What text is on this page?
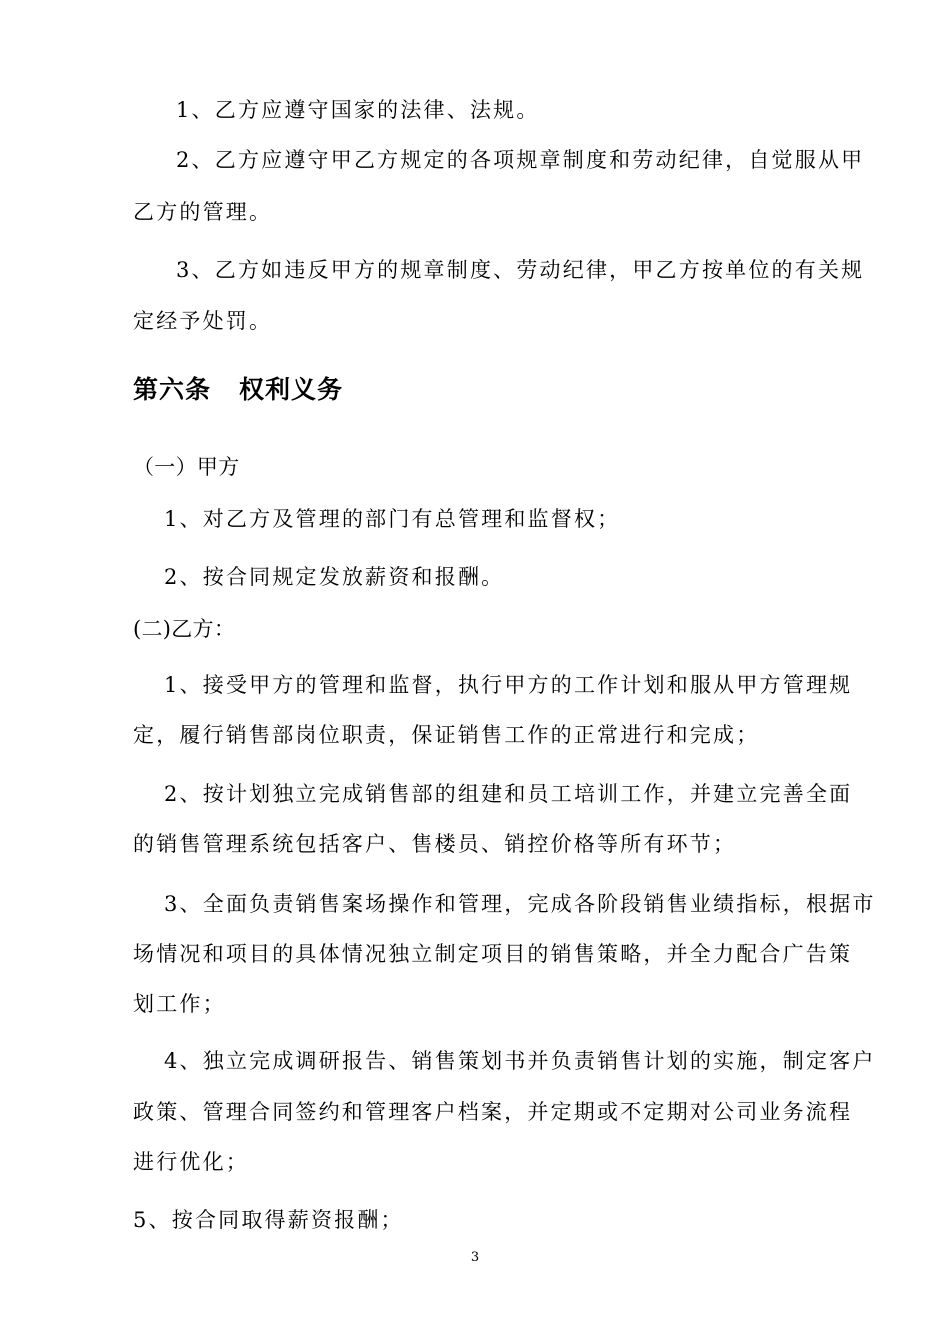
1、乙方应遵守国家的法律、法规。
2、乙方应遵守甲乙方规定的各项规章制度和劳动纪律，自觉服从甲
乙方的管理。
3、乙方如违反甲方的规章制度、劳动纪律，甲乙方按单位的有关规
定经予处罚。
第六条 权利义务
（一）甲方
1、对乙方及管理的部门有总管理和监督权；
2、按合同规定发放薪资和报酬。
(二)乙方：
1、接受甲方的管理和监督，执行甲方的工作计划和服从甲方管理规
定，履行销售部岗位职责，保证销售工作的正常进行和完成；
2、按计划独立完成销售部的组建和员工培训工作，并建立完善全面
的销售管理系统包括客户、售楼员、销控价格等所有环节；
3、全面负责销售案场操作和管理，完成各阶段销售业绩指标，根据市
场情况和项目的具体情况独立制定项目的销售策略，并全力配合广告策
划工作；
4、独立完成调研报告、销售策划书并负责销售计划的实施，制定客户
政策、管理合同签约和管理客户档案，并定期或不定期对公司业务流程
进行优化；
5、按合同取得薪资报酬；
3
